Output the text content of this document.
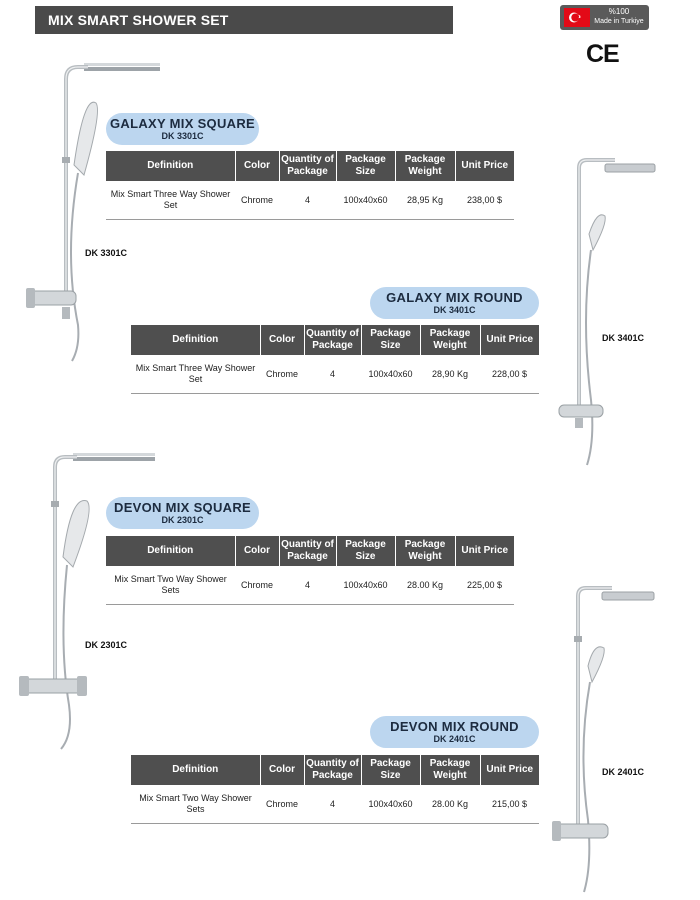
MIX SMART SHOWER SET
%100
Made in Turkiye
CE
DK 3301C
DK 3401C
DK 2301C
DK 2401C
GALAXY MIX SQUARE
DK 3301C
Definition	Color	Quantity of Package	Package Size	Package Weight	Unit Price
Mix Smart Three Way Shower Set	Chrome	4	100x40x60	28,95 Kg	238,00 $
GALAXY MIX ROUND
DK 3401C
Definition	Color	Quantity of Package	Package Size	Package Weight	Unit Price
Mix Smart Three Way Shower Set	Chrome	4	100x40x60	28,90 Kg	228,00 $
DEVON MIX SQUARE
DK 2301C
Definition	Color	Quantity of Package	Package Size	Package Weight	Unit Price
Mix Smart Two Way Shower Sets	Chrome	4	100x40x60	28.00 Kg	225,00 $
DEVON MIX ROUND
DK 2401C
Definition	Color	Quantity of Package	Package Size	Package Weight	Unit Price
Mix Smart Two Way Shower Sets	Chrome	4	100x40x60	28.00 Kg	215,00 $
